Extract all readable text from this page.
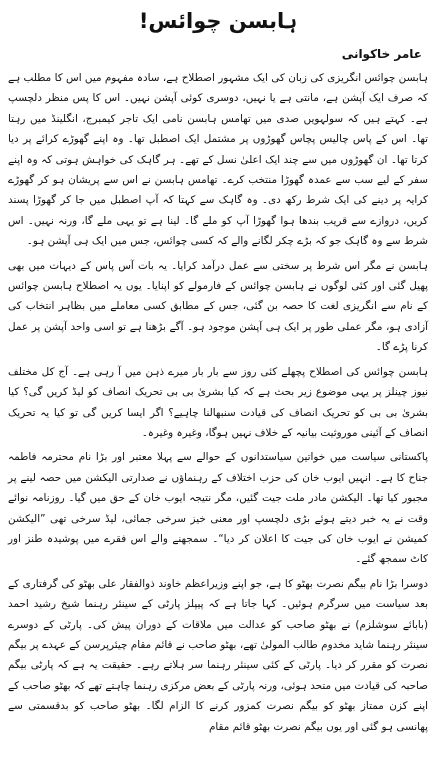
ہابسن چوائس!
عامر خاکوانی

ہابسن چوائس انگریزی کی زبان کی ایک مشہور اصطلاح ہے، سادہ مفہوم میں اس کا مطلب ہے کہ صرف ایک آپشن ہے، مانتی ہے یا نہیں، دوسری کوئی آپشن نہیں۔ اس کا پس منظر دلچسپ ہے۔ کہتے ہیں کہ سولہویں صدی میں تھامس ہابسن نامی ایک تاجر کیمبرج، انگلینڈ میں رہتا تھا۔ اس کے پاس چالیس پچاس گھوڑوں پر مشتمل ایک اصطبل تھا۔ وہ اپنے گھوڑے کرائے پر دیا کرتا تھا۔ ان گھوڑوں میں سے چند ایک اعلیٰ نسل کے تھے۔ ہر گاہک کی خواہش ہوتی کہ وہ اپنے سفر کے لیے سب سے عمدہ گھوڑا منتخب کرے۔ تھامس ہابسن نے اس سے پریشان ہو کر گھوڑے کرایہ پر دینے کی ایک شرط رکھ دی۔ وہ گاہک سے کہتا کہ آپ اصطبل میں جا کر گھوڑا پسند کریں، دروازے سے قریب بندھا ہوا گھوڑا آپ کو ملے گا۔ لینا ہے تو یہی ملے گا، ورنہ نہیں۔ اس شرط سے وہ گاہک جو کہ بڑے چکر لگانے والے کہ کسی چوائس، جس میں ایک ہی آپشن ہو۔

ہابسن نے مگر اس شرط پر سختی سے عمل درآمد کرایا۔ یہ بات آس پاس کے دیہات میں بھی پھیل گئی اور کئی لوگوں نے ہابسن چوائس کے فارمولے کو اپنایا۔ یوں یہ اصطلاح ہابسن چوائس کے نام سے انگریزی لغت کا حصہ بن گئی، جس کے مطابق کسی معاملے میں بظاہر انتخاب کی آزادی ہو، مگر عملی طور پر ایک ہی آپشن موجود ہو۔ آگے بڑھنا ہے تو اسی واحد آپشن پر عمل کرنا پڑے گا۔

ہابسن چوائس کی اصطلاح پچھلے کئی روز سے بار بار میرے ذہن میں آ رہی ہے۔ آج کل مختلف نیوز چینلز پر یہی موضوع زیر بحث ہے کہ کیا بشریٰ بی بی تحریک انصاف کو لیڈ کریں گی؟ کیا بشریٰ بی بی کو تحریک انصاف کی قیادت سنبھالنا چاہیے؟ اگر ایسا کریں گی تو کیا یہ تحریک انصاف کے آئینی موروثیت بیانیہ کے خلاف نہیں ہوگا، وغیرہ وغیرہ۔

پاکستانی سیاست میں خواتین سیاستدانوں کے حوالے سے پہلا معتبر اور بڑا نام محترمہ فاطمہ جناح کا ہے۔ انہیں ایوب خان کی حزب اختلاف کے رہنماؤں نے صدارتی الیکشن میں حصہ لینے پر مجبور کیا تھا۔ الیکشن مادر ملت جیت گئیں، مگر نتیجہ ایوب خان کے حق میں گیا۔ روزنامہ نوائے وقت نے یہ خبر دیتے ہوئے بڑی دلچسپ اور معنی خیز سرخی جمائی، لیڈ سرخی تھی ”الیکشن کمیشن نے ایوب خان کی جیت کا اعلان کر دیا“۔ سمجھنے والے اس فقرے میں پوشیدہ طنز اور کاٹ سمجھ گئے۔

دوسرا بڑا نام بیگم نصرت بھٹو کا ہے، جو اپنے وزیراعظم خاوند ذوالفقار علی بھٹو کی گرفتاری کے بعد سیاست میں سرگرم ہوئیں۔ کہا جاتا ہے کہ پیپلز پارٹی کے سینئر رہنما شیخ رشید احمد (بابائے سوشلزم) نے بھٹو صاحب کو عدالت میں ملاقات کے دوران پیش کی۔ پارٹی کے دوسرے سینئر رہنما شاید مخدوم طالب المولیٰ تھے، بھٹو صاحب نے قائم مقام چیئرپرسن کے عہدے پر بیگم نصرت کو مقرر کر دیا۔ پارٹی کے کئی سینئر رہنما سر ہلاتے رہے۔ حقیقت یہ ہے کہ پارٹی بیگم صاحبہ کی قیادت میں متحد ہوئی، ورنہ پارٹی کے بعض مرکزی رہنما چاہتے تھے کہ بھٹو صاحب کے اپنے کزن ممتاز بھٹو کو بیگم نصرت کمزور کرنے کا الزام لگا۔ بھٹو صاحب کو بدقسمتی سے پھانسی ہو گئی اور یوں بیگم نصرت بھٹو قائم مقام
